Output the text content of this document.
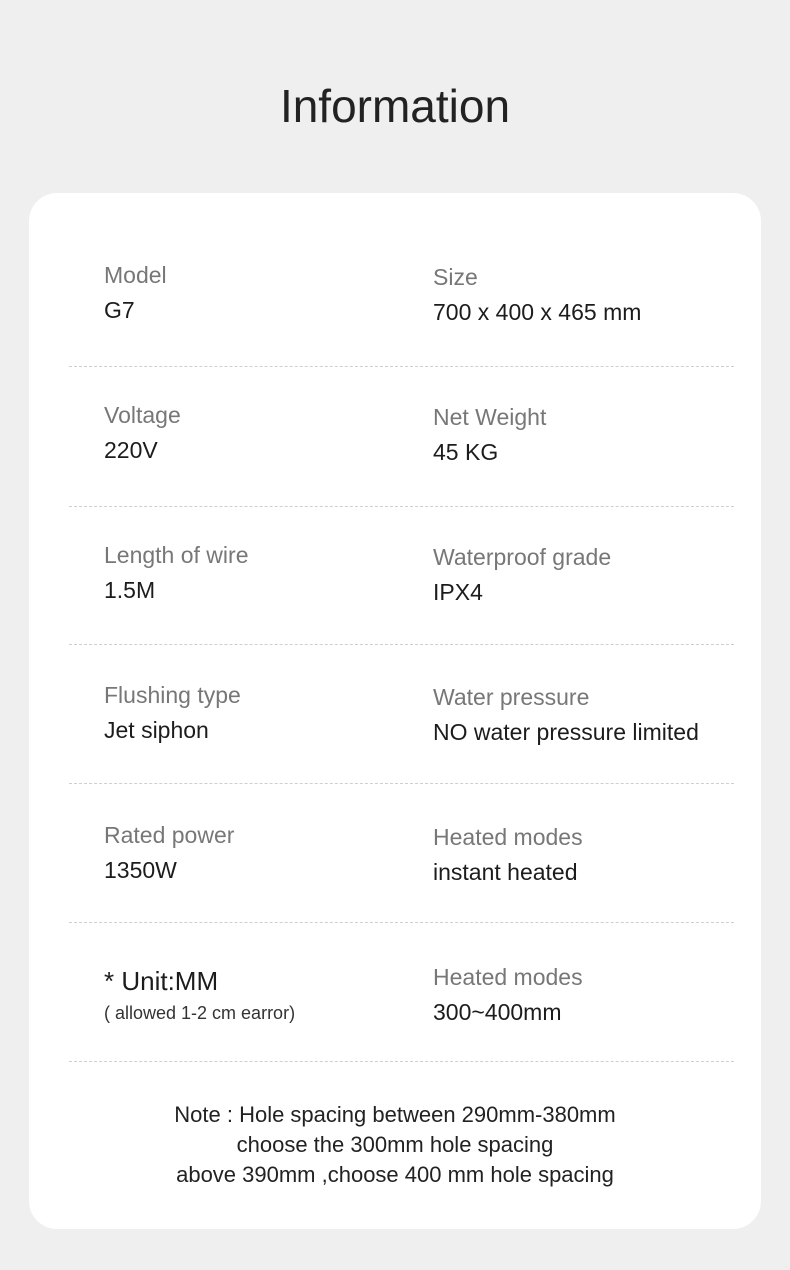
Information
Model
G7
Size
700 x 400 x 465 mm
Voltage
220V
Net Weight
45 KG
Length of wire
1.5M
Waterproof grade
IPX4
Flushing type
Jet siphon
Water pressure
NO water pressure limited
Rated power
1350W
Heated modes
instant heated
* Unit:MM
( allowed 1-2 cm earror)
Heated modes
300~400mm
Note : Hole spacing between 290mm-380mm
choose the 300mm hole spacing
above 390mm ,choose 400 mm hole spacing
